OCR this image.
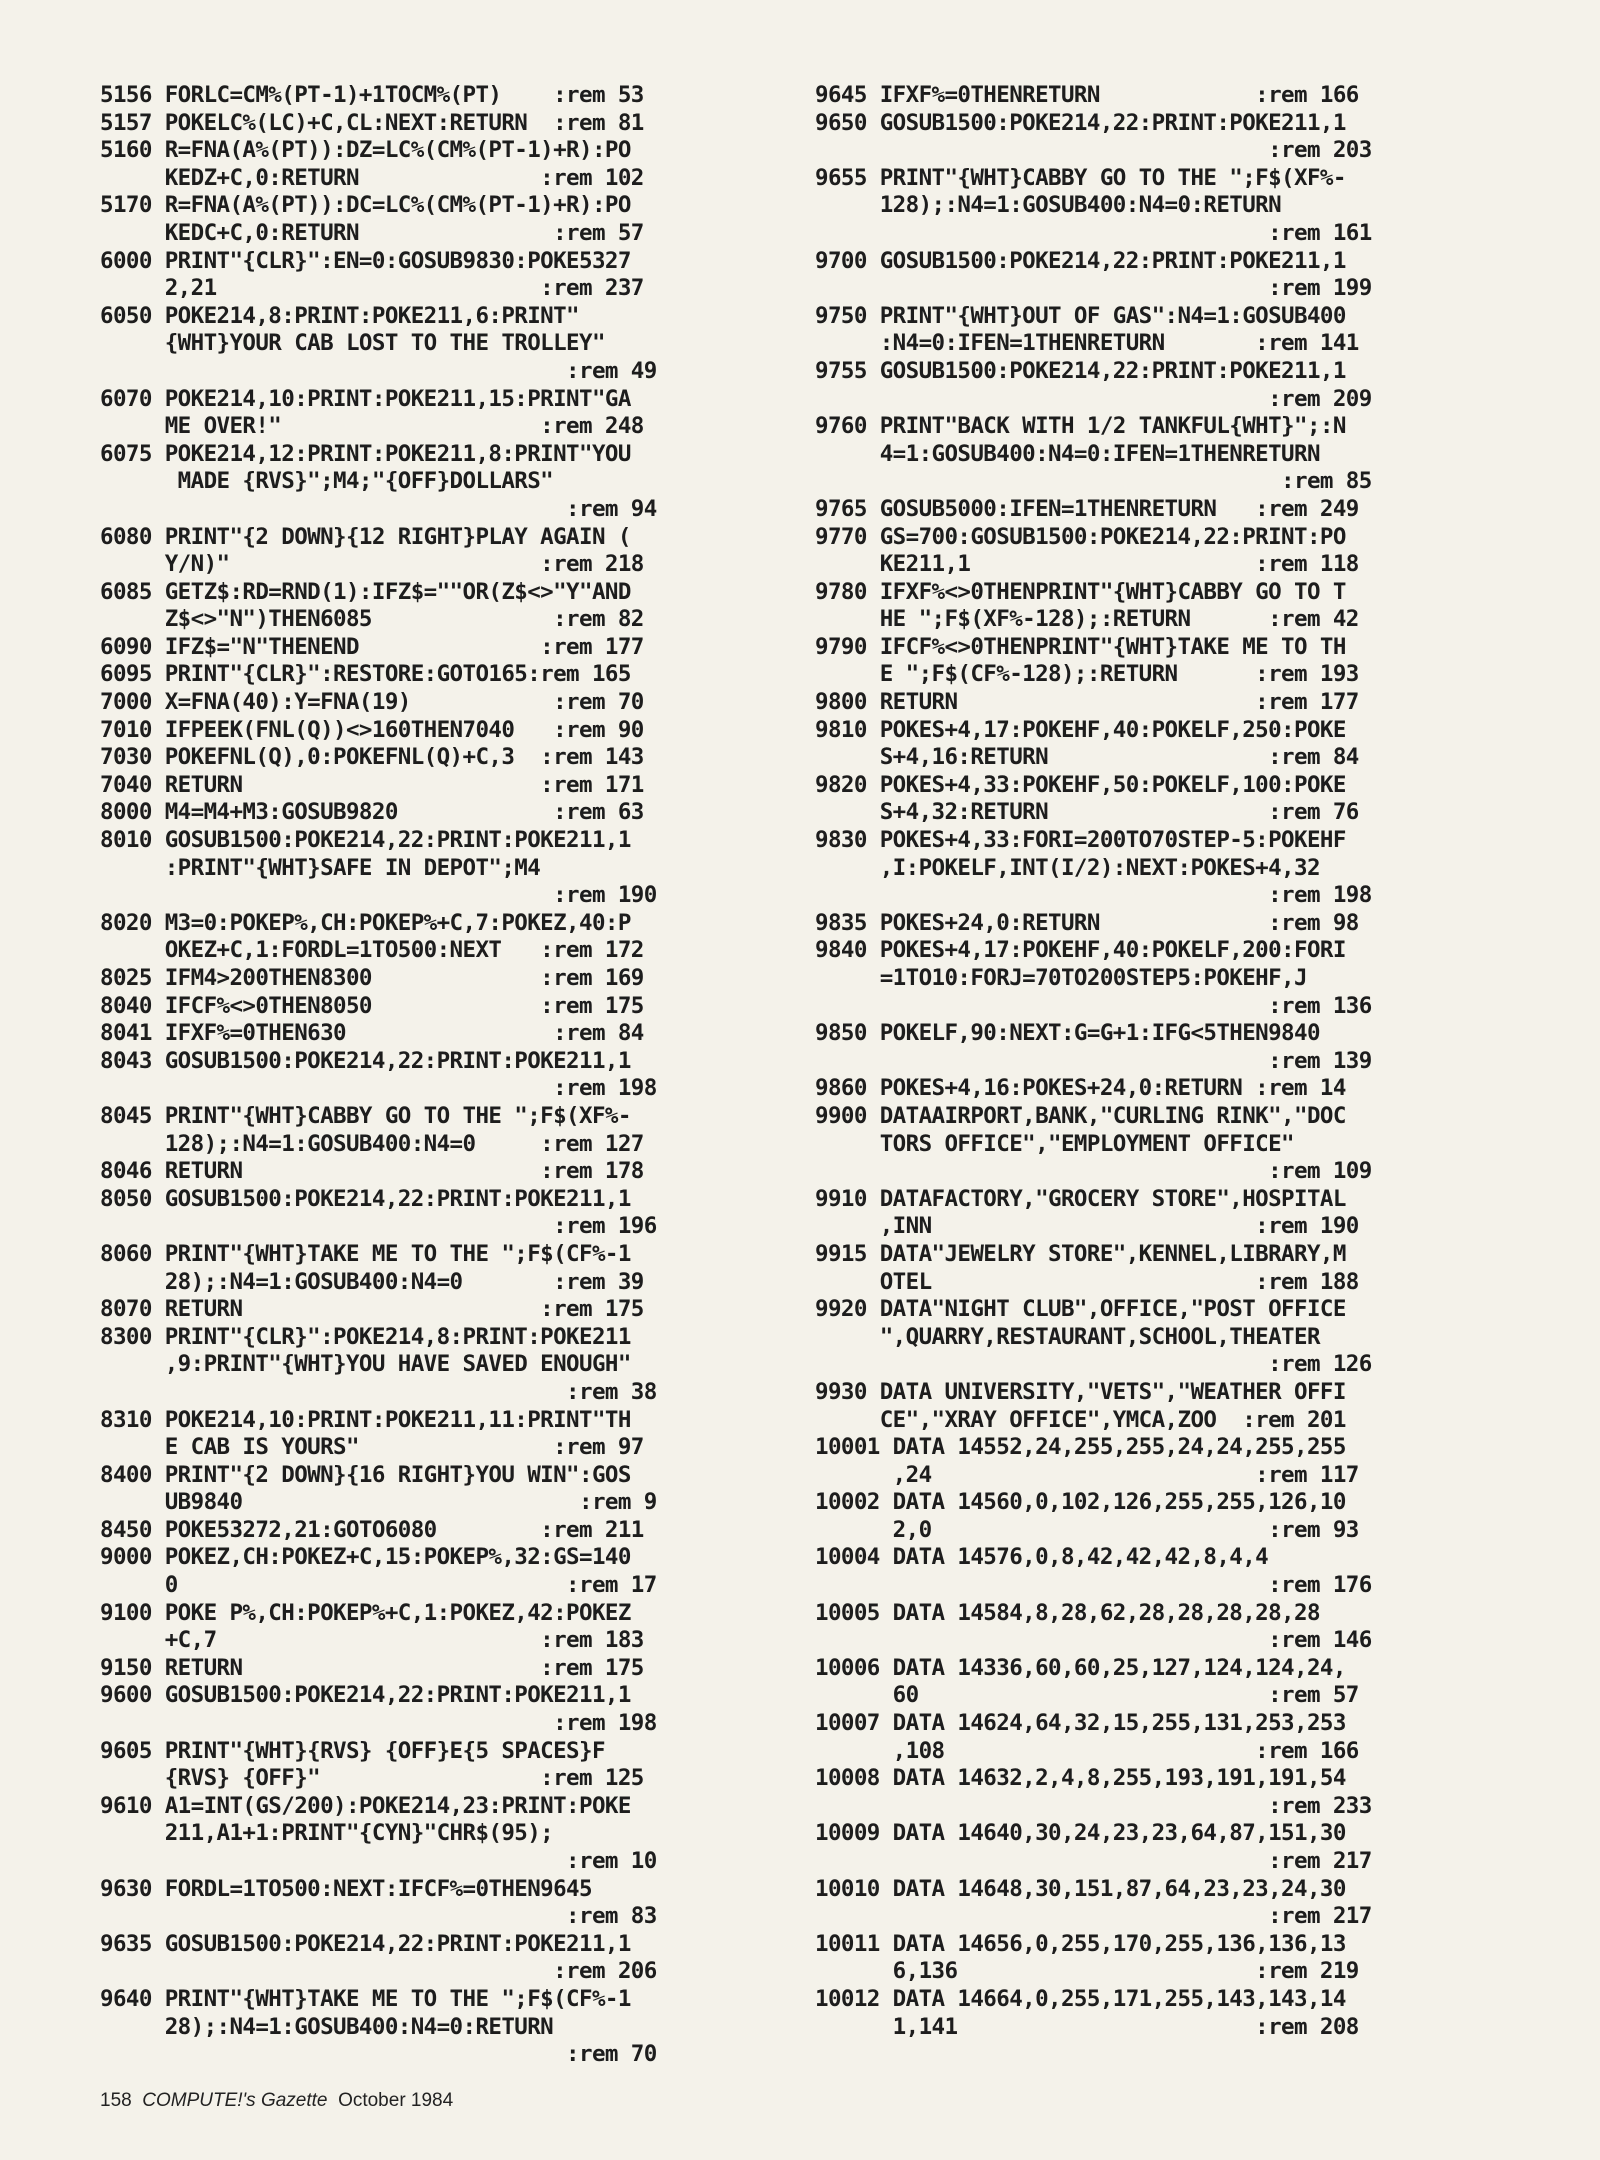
5156 FORLC=CM%(PT-1)+1TOCM%(PT)    :rem 53
5157 POKELC%(LC)+C,CL:NEXT:RETURN  :rem 81
5160 R=FNA(A%(PT)):DZ=LC%(CM%(PT-1)+R):PO
KEDZ+C,0:RETURN              :rem 102
5170 R=FNA(A%(PT)):DC=LC%(CM%(PT-1)+R):PO
KEDC+C,0:RETURN               :rem 57
6000 PRINT"{CLR}":EN=0:GOSUB9830:POKE5327
2,21                         :rem 237
6050 POKE214,8:PRINT:POKE211,6:PRINT"
{WHT}YOUR CAB LOST TO THE TROLLEY"
:rem 49
6070 POKE214,10:PRINT:POKE211,15:PRINT"GA
ME OVER!"                    :rem 248
6075 POKE214,12:PRINT:POKE211,8:PRINT"YOU
MADE {RVS}";M4;"{OFF}DOLLARS"
:rem 94
6080 PRINT"{2 DOWN}{12 RIGHT}PLAY AGAIN (
Y/N)"                        :rem 218
6085 GETZ$:RD=RND(1):IFZ$=""OR(Z$<>"Y"AND
Z$<>"N")THEN6085              :rem 82
6090 IFZ$="N"THENEND              :rem 177
6095 PRINT"{CLR}":RESTORE:GOTO165:rem 165
7000 X=FNA(40):Y=FNA(19)           :rem 70
7010 IFPEEK(FNL(Q))<>160THEN7040   :rem 90
7030 POKEFNL(Q),0:POKEFNL(Q)+C,3  :rem 143
7040 RETURN                       :rem 171
8000 M4=M4+M3:GOSUB9820            :rem 63
8010 GOSUB1500:POKE214,22:PRINT:POKE211,1
:PRINT"{WHT}SAFE IN DEPOT";M4
:rem 190
8020 M3=0:POKEP%,CH:POKEP%+C,7:POKEZ,40:P
OKEZ+C,1:FORDL=1TO500:NEXT   :rem 172
8025 IFM4>200THEN8300             :rem 169
8040 IFCF%<>0THEN8050             :rem 175
8041 IFXF%=0THEN630                :rem 84
8043 GOSUB1500:POKE214,22:PRINT:POKE211,1
:rem 198
8045 PRINT"{WHT}CABBY GO TO THE ";F$(XF%-
128);:N4=1:GOSUB400:N4=0     :rem 127
8046 RETURN                       :rem 178
8050 GOSUB1500:POKE214,22:PRINT:POKE211,1
:rem 196
8060 PRINT"{WHT}TAKE ME TO THE ";F$(CF%-1
28);:N4=1:GOSUB400:N4=0       :rem 39
8070 RETURN                       :rem 175
8300 PRINT"{CLR}":POKE214,8:PRINT:POKE211
,9:PRINT"{WHT}YOU HAVE SAVED ENOUGH"
:rem 38
8310 POKE214,10:PRINT:POKE211,11:PRINT"TH
E CAB IS YOURS"               :rem 97
8400 PRINT"{2 DOWN}{16 RIGHT}YOU WIN":GOS
UB9840                          :rem 9
8450 POKE53272,21:GOTO6080        :rem 211
9000 POKEZ,CH:POKEZ+C,15:POKEP%,32:GS=140
0                              :rem 17
9100 POKE P%,CH:POKEP%+C,1:POKEZ,42:POKEZ
+C,7                         :rem 183
9150 RETURN                       :rem 175
9600 GOSUB1500:POKE214,22:PRINT:POKE211,1
:rem 198
9605 PRINT"{WHT}{RVS} {OFF}E{5 SPACES}F
{RVS} {OFF}"                 :rem 125
9610 A1=INT(GS/200):POKE214,23:PRINT:POKE
211,A1+1:PRINT"{CYN}"CHR$(95);
:rem 10
9630 FORDL=1TO500:NEXT:IFCF%=0THEN9645
:rem 83
9635 GOSUB1500:POKE214,22:PRINT:POKE211,1
:rem 206
9640 PRINT"{WHT}TAKE ME TO THE ";F$(CF%-1
28);:N4=1:GOSUB400:N4=0:RETURN
:rem 70
9645 IFXF%=0THENRETURN            :rem 166
9650 GOSUB1500:POKE214,22:PRINT:POKE211,1
:rem 203
9655 PRINT"{WHT}CABBY GO TO THE ";F$(XF%-
128);:N4=1:GOSUB400:N4=0:RETURN
:rem 161
9700 GOSUB1500:POKE214,22:PRINT:POKE211,1
:rem 199
9750 PRINT"{WHT}OUT OF GAS":N4=1:GOSUB400
:N4=0:IFEN=1THENRETURN       :rem 141
9755 GOSUB1500:POKE214,22:PRINT:POKE211,1
:rem 209
9760 PRINT"BACK WITH 1/2 TANKFUL{WHT}";:N
4=1:GOSUB400:N4=0:IFEN=1THENRETURN
:rem 85
9765 GOSUB5000:IFEN=1THENRETURN   :rem 249
9770 GS=700:GOSUB1500:POKE214,22:PRINT:PO
KE211,1                      :rem 118
9780 IFXF%<>0THENPRINT"{WHT}CABBY GO TO T
HE ";F$(XF%-128);:RETURN      :rem 42
9790 IFCF%<>0THENPRINT"{WHT}TAKE ME TO TH
E ";F$(CF%-128);:RETURN      :rem 193
9800 RETURN                       :rem 177
9810 POKES+4,17:POKEHF,40:POKELF,250:POKE
S+4,16:RETURN                 :rem 84
9820 POKES+4,33:POKEHF,50:POKELF,100:POKE
S+4,32:RETURN                 :rem 76
9830 POKES+4,33:FORI=200TO70STEP-5:POKEHF
,I:POKELF,INT(I/2):NEXT:POKES+4,32
:rem 198
9835 POKES+24,0:RETURN             :rem 98
9840 POKES+4,17:POKEHF,40:POKELF,200:FORI
=1TO10:FORJ=70TO200STEP5:POKEHF,J
:rem 136
9850 POKELF,90:NEXT:G=G+1:IFG<5THEN9840
:rem 139
9860 POKES+4,16:POKES+24,0:RETURN :rem 14
9900 DATAAIRPORT,BANK,"CURLING RINK","DOC
TORS OFFICE","EMPLOYMENT OFFICE"
:rem 109
9910 DATAFACTORY,"GROCERY STORE",HOSPITAL
,INN                         :rem 190
9915 DATA"JEWELRY STORE",KENNEL,LIBRARY,M
OTEL                         :rem 188
9920 DATA"NIGHT CLUB",OFFICE,"POST OFFICE
",QUARRY,RESTAURANT,SCHOOL,THEATER
:rem 126
9930 DATA UNIVERSITY,"VETS","WEATHER OFFI
CE","XRAY OFFICE",YMCA,ZOO  :rem 201
10001 DATA 14552,24,255,255,24,24,255,255
,24                         :rem 117
10002 DATA 14560,0,102,126,255,255,126,10
2,0                          :rem 93
10004 DATA 14576,0,8,42,42,42,8,4,4
:rem 176
10005 DATA 14584,8,28,62,28,28,28,28,28
:rem 146
10006 DATA 14336,60,60,25,127,124,124,24,
60                           :rem 57
10007 DATA 14624,64,32,15,255,131,253,253
,108                        :rem 166
10008 DATA 14632,2,4,8,255,193,191,191,54
:rem 233
10009 DATA 14640,30,24,23,23,64,87,151,30
:rem 217
10010 DATA 14648,30,151,87,64,23,23,24,30
:rem 217
10011 DATA 14656,0,255,170,255,136,136,13
6,136                       :rem 219
10012 DATA 14664,0,255,171,255,143,143,14
1,141                       :rem 208
158 COMPUTE!'s Gazette October 1984
